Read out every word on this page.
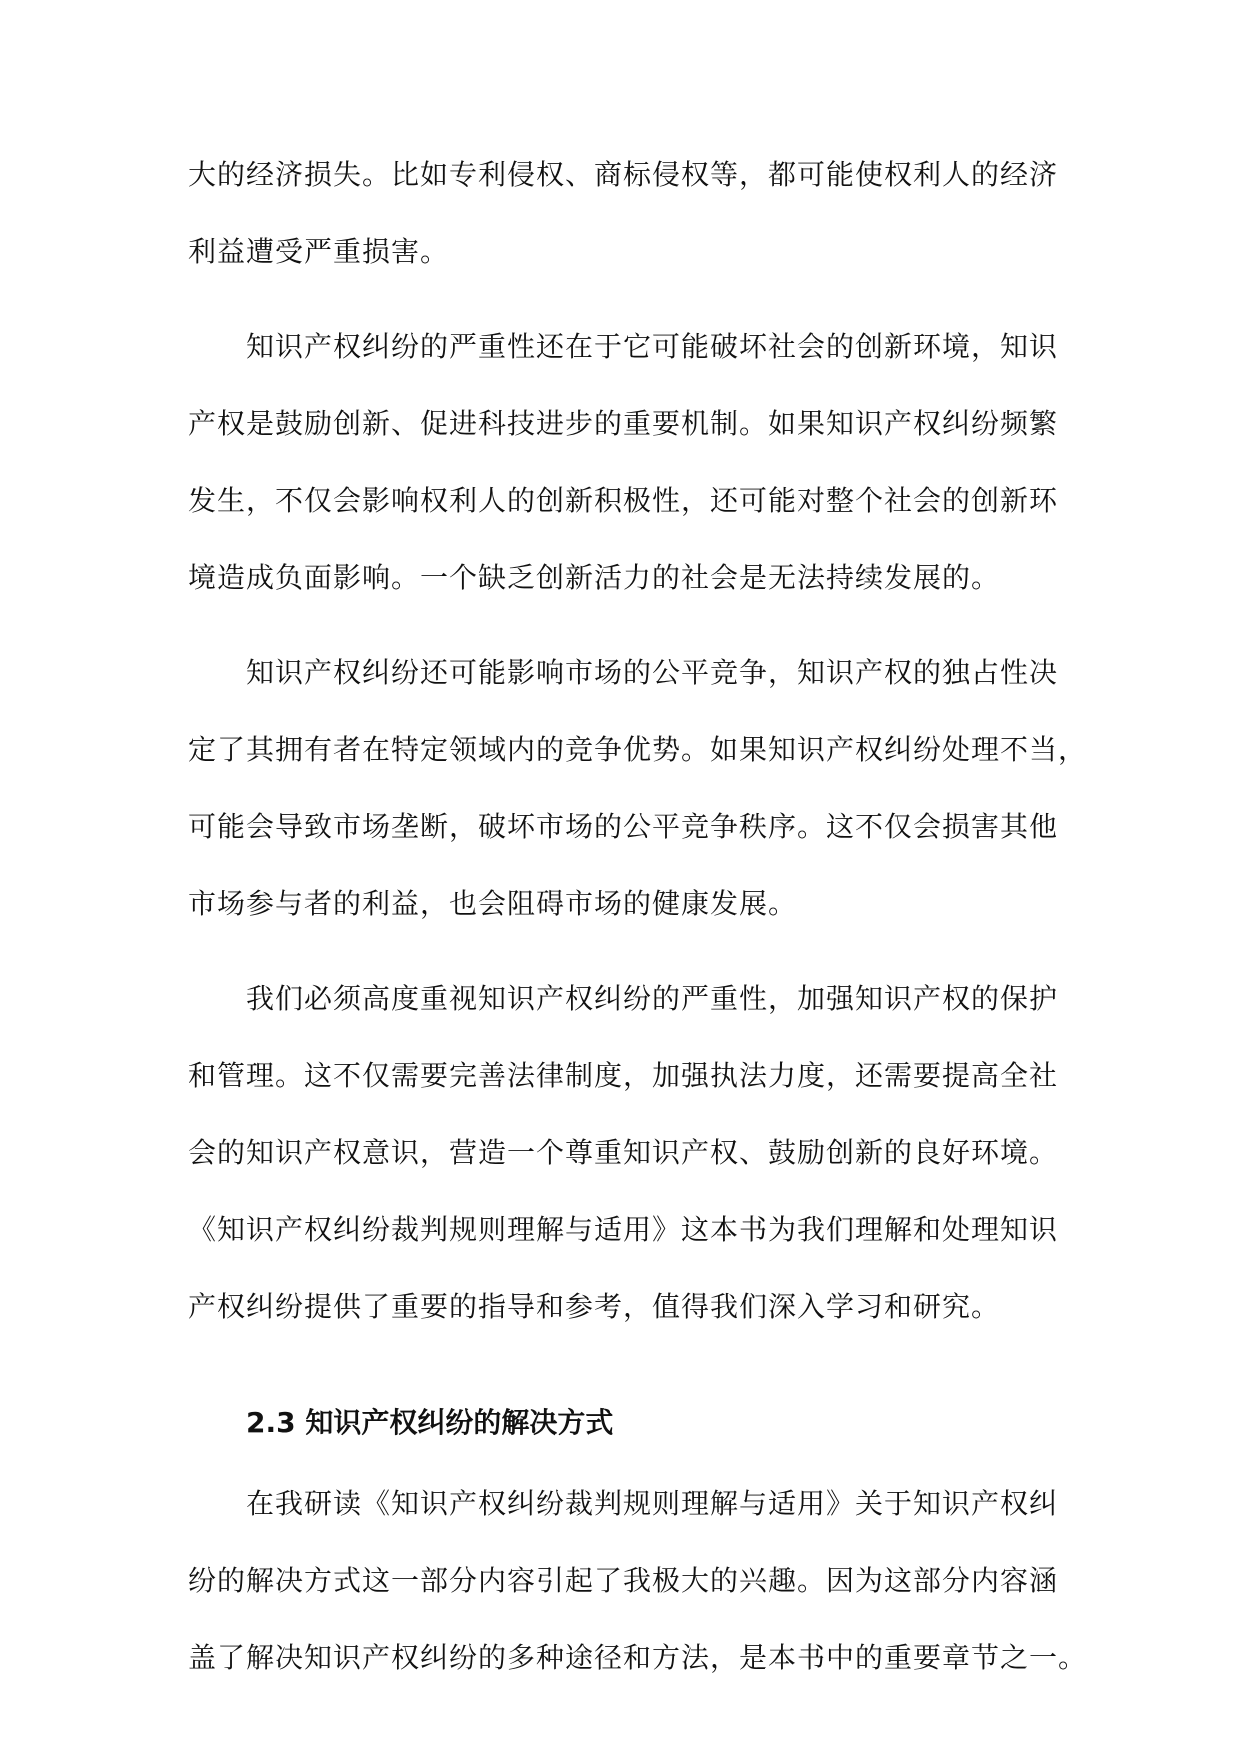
大的经济损失。比如专利侵权、商标侵权等，都可能使权利人的经济
利益遭受严重损害。
知识产权纠纷的严重性还在于它可能破坏社会的创新环境，知识
产权是鼓励创新、促进科技进步的重要机制。如果知识产权纠纷频繁
发生，不仅会影响权利人的创新积极性，还可能对整个社会的创新环
境造成负面影响。一个缺乏创新活力的社会是无法持续发展的。
知识产权纠纷还可能影响市场的公平竞争，知识产权的独占性决
定了其拥有者在特定领域内的竞争优势。如果知识产权纠纷处理不当，
可能会导致市场垄断，破坏市场的公平竞争秩序。这不仅会损害其他
市场参与者的利益，也会阻碍市场的健康发展。
我们必须高度重视知识产权纠纷的严重性，加强知识产权的保护
和管理。这不仅需要完善法律制度，加强执法力度，还需要提高全社
会的知识产权意识，营造一个尊重知识产权、鼓励创新的良好环境。
《知识产权纠纷裁判规则理解与适用》这本书为我们理解和处理知识
产权纠纷提供了重要的指导和参考，值得我们深入学习和研究。
2.3 知识产权纠纷的解决方式
在我研读《知识产权纠纷裁判规则理解与适用》关于知识产权纠
纷的解决方式这一部分内容引起了我极大的兴趣。因为这部分内容涵
盖了解决知识产权纠纷的多种途径和方法，是本书中的重要章节之一。
